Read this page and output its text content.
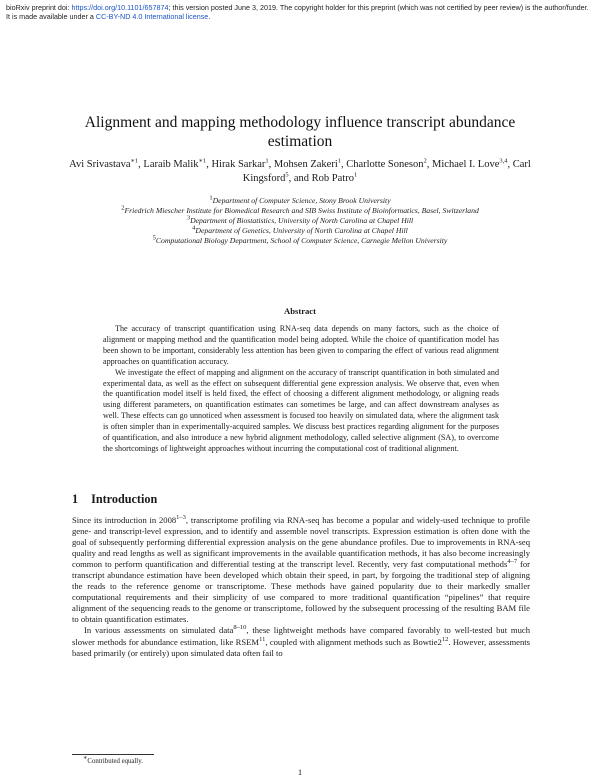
bioRxiv preprint doi: https://doi.org/10.1101/657874; this version posted June 3, 2019. The copyright holder for this preprint (which was not certified by peer review) is the author/funder. It is made available under a CC-BY-ND 4.0 International license.
Alignment and mapping methodology influence transcript abundance estimation
Avi Srivastava$^{∗1}$, Laraib Malik$^{∗1}$, Hirak Sarkar$^1$, Mohsen Zakeri$^1$, Charlotte Soneson$^2$, Michael I. Love$^{3,4}$, Carl Kingsford$^5$, and Rob Patro$^1$
$^1$Department of Computer Science, Stony Brook University
$^2$Friedrich Miescher Institute for Biomedical Research and SIB Swiss Institute of Bioinformatics, Basel, Switzerland
$^3$Department of Biostatistics, University of North Carolina at Chapel Hill
$^4$Department of Genetics, University of North Carolina at Chapel Hill
$^5$Computational Biology Department, School of Computer Science, Carnegie Mellon University
Abstract

The accuracy of transcript quantification using RNA-seq data depends on many factors, such as the choice of alignment or mapping method and the quantification model being adopted. While the choice of quantification model has been shown to be important, considerably less attention has been given to comparing the effect of various read alignment approaches on quantification accuracy.

We investigate the effect of mapping and alignment on the accuracy of transcript quantification in both simulated and experimental data, as well as the effect on subsequent differential gene expression analysis. We observe that, even when the quantification model itself is held fixed, the effect of choosing a different alignment methodology, or aligning reads using different parameters, on quantification estimates can sometimes be large, and can affect downstream analyses as well. These effects can go unnoticed when assessment is focused too heavily on simulated data, where the alignment task is often simpler than in experimentally-acquired samples. We discuss best practices regarding alignment for the purposes of quantification, and also introduce a new hybrid alignment methodology, called selective alignment (SA), to overcome the shortcomings of lightweight approaches without incurring the computational cost of traditional alignment.

1 Introduction

Since its introduction in 2008$^{1-3}$, transcriptome profiling via RNA-seq has become a popular and widely-used technique to profile gene- and transcript-level expression, and to identify and assemble novel transcripts. Expression estimation is often done with the goal of subsequently performing differential expression analysis on the gene abundance profiles. Due to improvements in RNA-seq quality and read lengths as well as significant improvements in the available quantification methods, it has also become increasingly common to perform quantification and differential testing at the transcript level. Recently, very fast computational methods$^{4-7}$ for transcript abundance estimation have been developed which obtain their speed, in part, by forgoing the traditional step of aligning the reads to the reference genome or transcriptome. These methods have gained popularity due to their markedly smaller computational requirements and their simplicity of use compared to more traditional quantification “pipelines” that require alignment of the sequencing reads to the genome or transcriptome, followed by the subsequent processing of the resulting BAM file to obtain quantification estimates.

In various assessments on simulated data$^{8-10}$, these lightweight methods have compared favorably to well-tested but much slower methods for abundance estimation, like RSEM$^{11}$, coupled with alignment methods such as $Bowtie2^{12}$. However, assessments based primarily (or entirely) upon simulated data often fail to

∗Contributed equally.
1
